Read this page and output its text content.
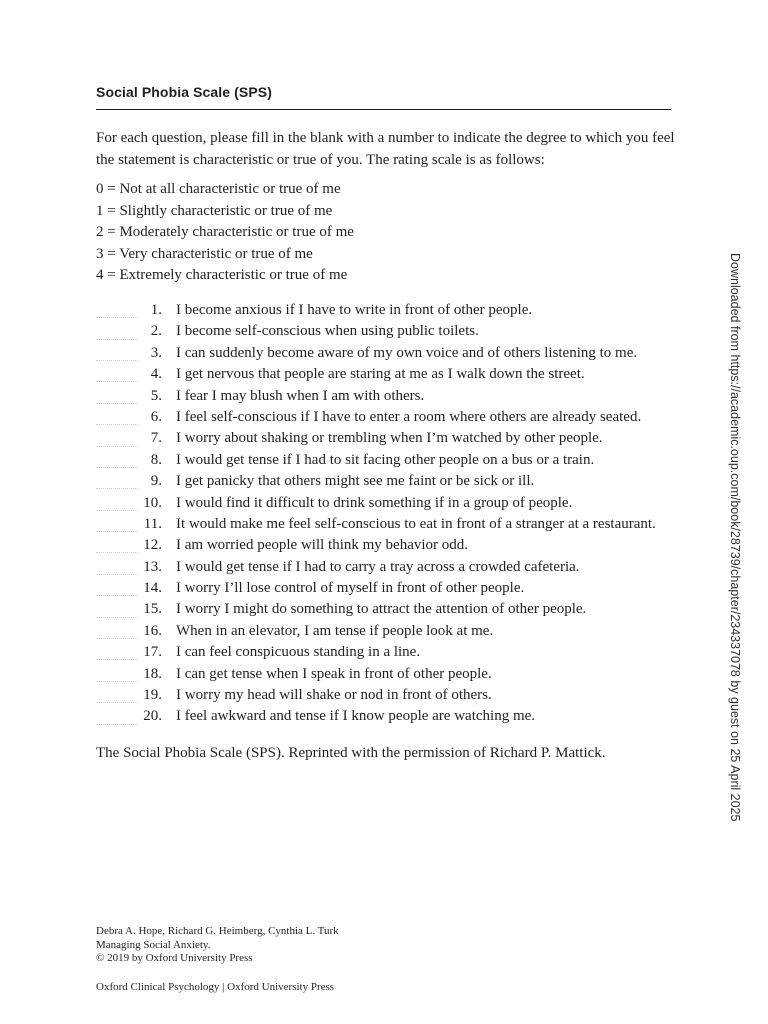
Social Phobia Scale (SPS)

For each question, please fill in the blank with a number to indicate the degree to which you feel the statement is characteristic or true of you. The rating scale is as follows:

0 = Not at all characteristic or true of me
1 = Slightly characteristic or true of me
2 = Moderately characteristic or true of me
3 = Very characteristic or true of me
4 = Extremely characteristic or true of me
1. I become anxious if I have to write in front of other people.
2. I become self-conscious when using public toilets.
3. I can suddenly become aware of my own voice and of others listening to me.
4. I get nervous that people are staring at me as I walk down the street.
5. I fear I may blush when I am with others.
6. I feel self-conscious if I have to enter a room where others are already seated.
7. I worry about shaking or trembling when I’m watched by other people.
8. I would get tense if I had to sit facing other people on a bus or a train.
9. I get panicky that others might see me faint or be sick or ill.
10. I would find it difficult to drink something if in a group of people.
11. It would make me feel self-conscious to eat in front of a stranger at a restaurant.
12. I am worried people will think my behavior odd.
13. I would get tense if I had to carry a tray across a crowded cafeteria.
14. I worry I’ll lose control of myself in front of other people.
15. I worry I might do something to attract the attention of other people.
16. When in an elevator, I am tense if people look at me.
17. I can feel conspicuous standing in a line.
18. I can get tense when I speak in front of other people.
19. I worry my head will shake or nod in front of others.
20. I feel awkward and tense if I know people are watching me.

The Social Phobia Scale (SPS). Reprinted with the permission of Richard P. Mattick.

Debra A. Hope, Richard G. Heimberg, Cynthia L. Turk
Managing Social Anxiety.
© 2019 by Oxford University Press
Oxford Clinical Psychology | Oxford University Press
Downloaded from https://academic.oup.com/book/28739/chapter/234337078 by guest on 25 April 2025
